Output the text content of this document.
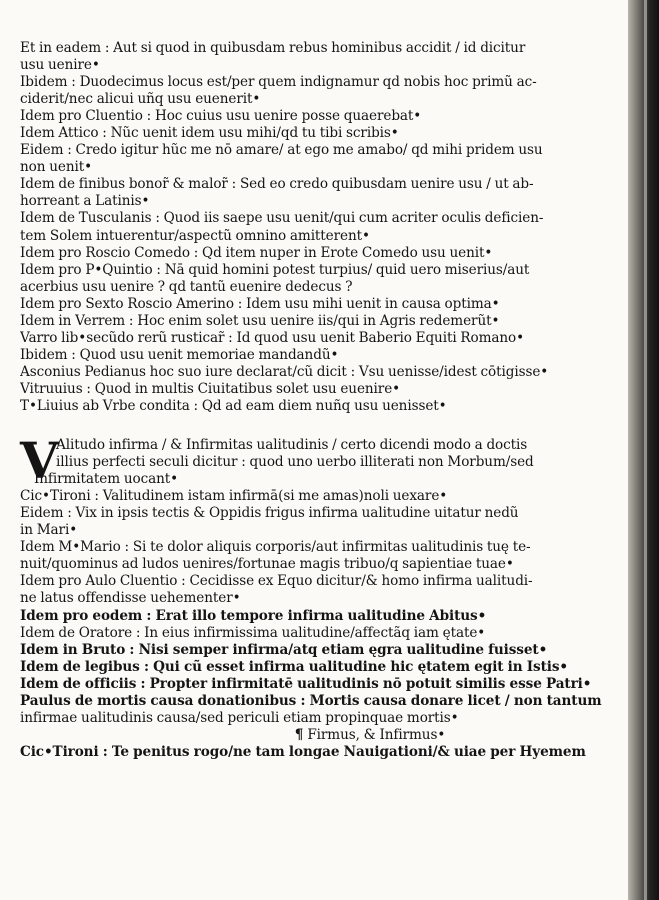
Et in eadem : Aut si quod in quibusdam rebus hominibus accidit / id dicitur
usu uenire•
Ibidem : Duodecimus locus est/per quem indignamur qd nobis hoc primũ ac-
ciderit/nec alicui uñq usu euenerit•
Idem pro Cluentio : Hoc cuius usu uenire posse quaerebat•
Idem Attico : Nũc uenit idem usu mihi/qd tu tibi scribis•
Eidem : Credo igitur hũc me nō amare/ at ego me amabo/ qd mihi pridem usu
non uenit•
Idem de finibus bonor̃ & malor̃ : Sed eo credo quibusdam uenire usu / ut ab-
horreant a Latinis•
Idem de Tusculanis : Quod iis saepe usu uenit/qui cum acriter oculis deficien-
tem Solem intuerentur/aspectũ omnino amitterent•
Idem pro Roscio Comedo : Qd item nuper in Erote Comedo usu uenit•
Idem pro P•Quintio : Nā quid homini potest turpius/ quid uero miserius/aut
acerbius usu uenire ? qd tantũ euenire dedecus ?
Idem pro Sexto Roscio Amerino : Idem usu mihi uenit in causa optima•
Idem in Verrem : Hoc enim solet usu uenire iis/qui in Agris redemerũt•
Varro lib•secũdo rerũ rusticar̃ : Id quod usu uenit Baberio Equiti Romano•
Ibidem : Quod usu uenit memoriae mandandũ•
Asconius Pedianus hoc suo iure declarat/cũ dicit : Vsu uenisse/idest cōtigisse•
Vitruuius : Quod in multis Ciuitatibus solet usu euenire•
T•Liuius ab Vrbe condita : Qd ad eam diem nuñq usu uenisset•
V
Alitudo infirma / & Infirmitas ualitudinis / certo dicendi modo a doctis
illius perfecti seculi dicitur : quod uno uerbo illiterati non Morbum/sed
Infirmitatem uocant•
Cic•Tironi : Valitudinem istam infirmā(si me amas)noli uexare•
Eidem : Vix in ipsis tectis & Oppidis frigus infirma ualitudine uitatur nedũ
in Mari•
Idem M•Mario : Si te dolor aliquis corporis/aut infirmitas ualitudinis tuę te-
nuit/quominus ad ludos uenires/fortunae magis tribuo/q sapientiae tuae•
Idem pro Aulo Cluentio : Cecidisse ex Equo dicitur/& homo infirma ualitudi-
ne latus offendisse uehementer•
Idem pro eodem : Erat illo tempore infirma ualitudine Abitus•
Idem de Oratore : In eius infirmissima ualitudine/affectãq iam ętate•
Idem in Bruto : Nisi semper infirma/atq etiam ęgra ualitudine fuisset•
Idem de legibus : Qui cũ esset infirma ualitudine hic ętatem egit in Istis•
Idem de officiis : Propter infirmitatē ualitudinis nō potuit similis esse Patri•
Paulus de mortis causa donationibus : Mortis causa donare licet / non tantum
infirmae ualitudinis causa/sed periculi etiam propinquae mortis•
¶ Firmus, & Infirmus•
Cic•Tironi : Te penitus rogo/ne tam longae Nauigationi/& uiae per Hyemem
